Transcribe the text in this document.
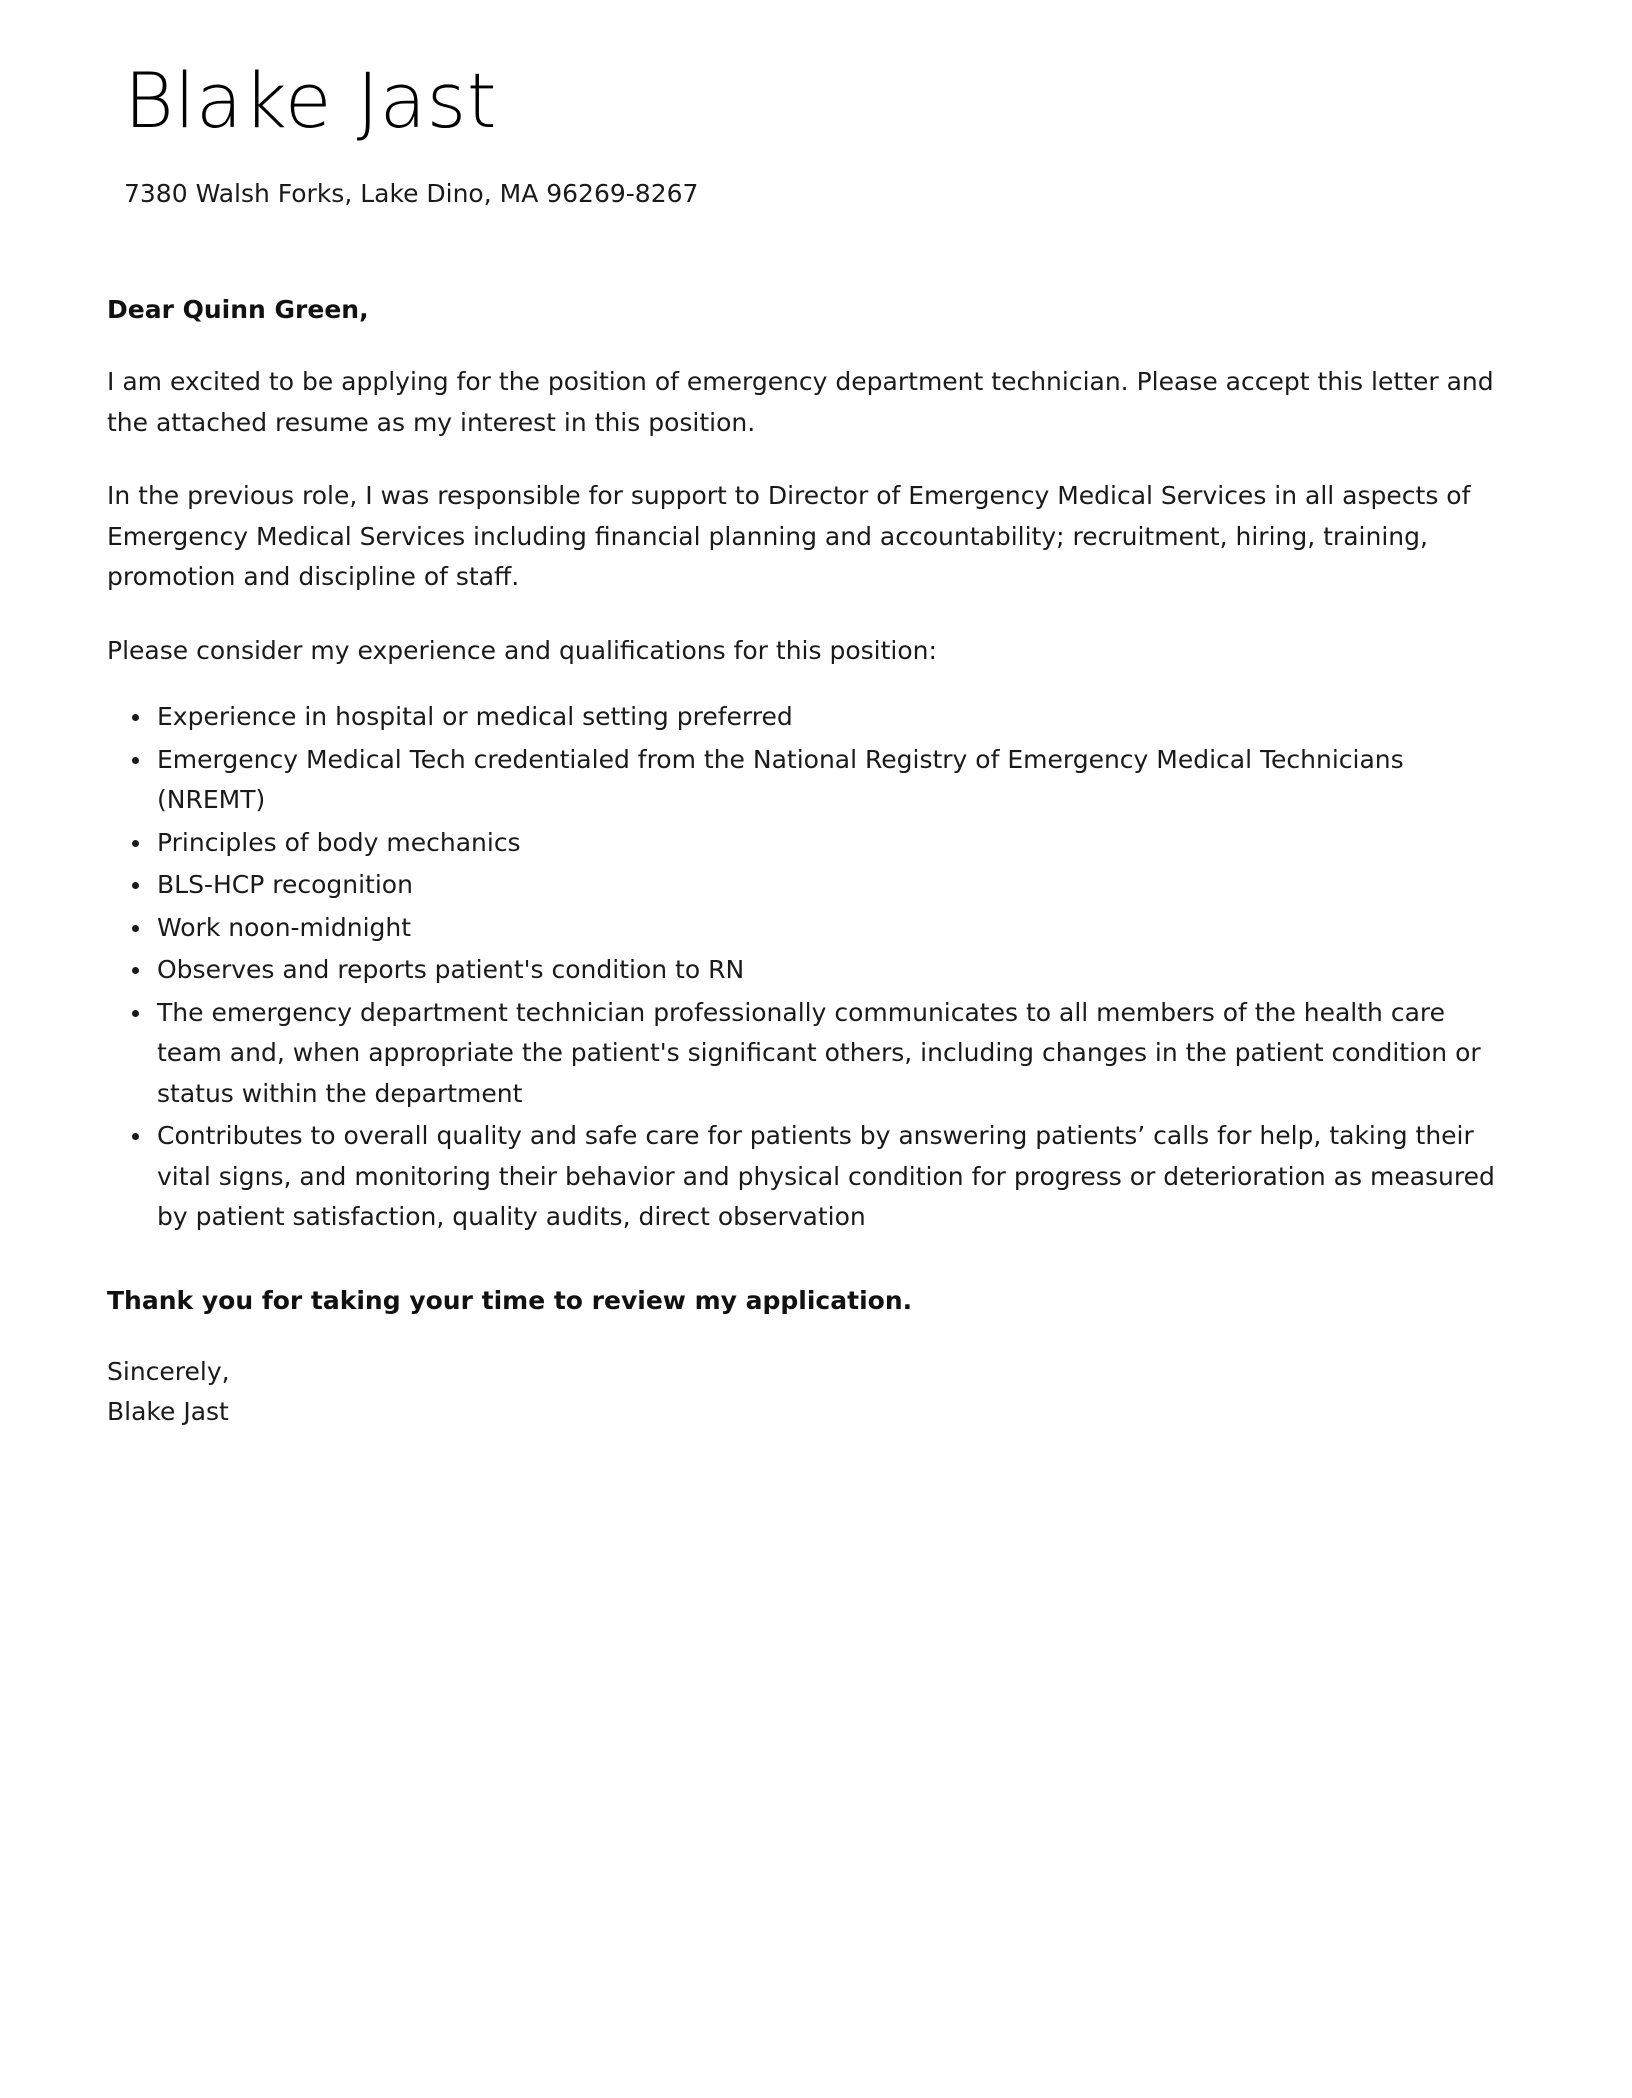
Blake Jast
7380 Walsh Forks, Lake Dino, MA 96269-8267

Dear Quinn Green,

I am excited to be applying for the position of emergency department technician. Please accept this letter and the attached resume as my interest in this position.

In the previous role, I was responsible for support to Director of Emergency Medical Services in all aspects of Emergency Medical Services including financial planning and accountability; recruitment, hiring, training, promotion and discipline of staff.

Please consider my experience and qualifications for this position:

Experience in hospital or medical setting preferred
Emergency Medical Tech credentialed from the National Registry of Emergency Medical Technicians (NREMT)
Principles of body mechanics
BLS-HCP recognition
Work noon-midnight
Observes and reports patient's condition to RN
The emergency department technician professionally communicates to all members of the health care team and, when appropriate the patient's significant others, including changes in the patient condition or status within the department
Contributes to overall quality and safe care for patients by answering patients’ calls for help, taking their vital signs, and monitoring their behavior and physical condition for progress or deterioration as measured by patient satisfaction, quality audits, direct observation

Thank you for taking your time to review my application.

Sincerely,
Blake Jast
